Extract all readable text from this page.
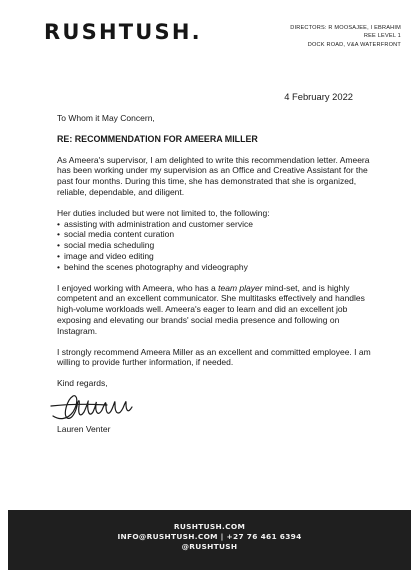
RUSHTUSH.	DIRECTORS: R MOOSAJEE, I EBRAHIM
REE LEVEL 1
DOCK ROAD, V&A WATERFRONT
4 February 2022

To Whom it May Concern,

RE: RECOMMENDATION FOR AMEERA MILLER

As Ameera's supervisor, I am delighted to write this recommendation letter. Ameera has been working under my supervision as an Office and Creative Assistant for the past four months. During this time, she has demonstrated that she is organized, reliable, dependable, and diligent.

Her duties included but were not limited to, the following:

• assisting with administration and customer service
• social media content curation
• social media scheduling
• image and video editing
• behind the scenes photography and videography

I enjoyed working with Ameera, who has a team player mind-set, and is highly competent and an excellent communicator. She multitasks effectively and handles high-volume workloads well. Ameera's eager to learn and did an excellent job exposing and elevating our brands' social media presence and following on Instagram.

I strongly recommend Ameera Miller as an excellent and committed employee. I am willing to provide further information, if needed.

Kind regards,

Lauren Venter

RUSHTUSH.COM
INFO@RUSHTUSH.COM | +27 76 461 6394
@RUSHTUSH
